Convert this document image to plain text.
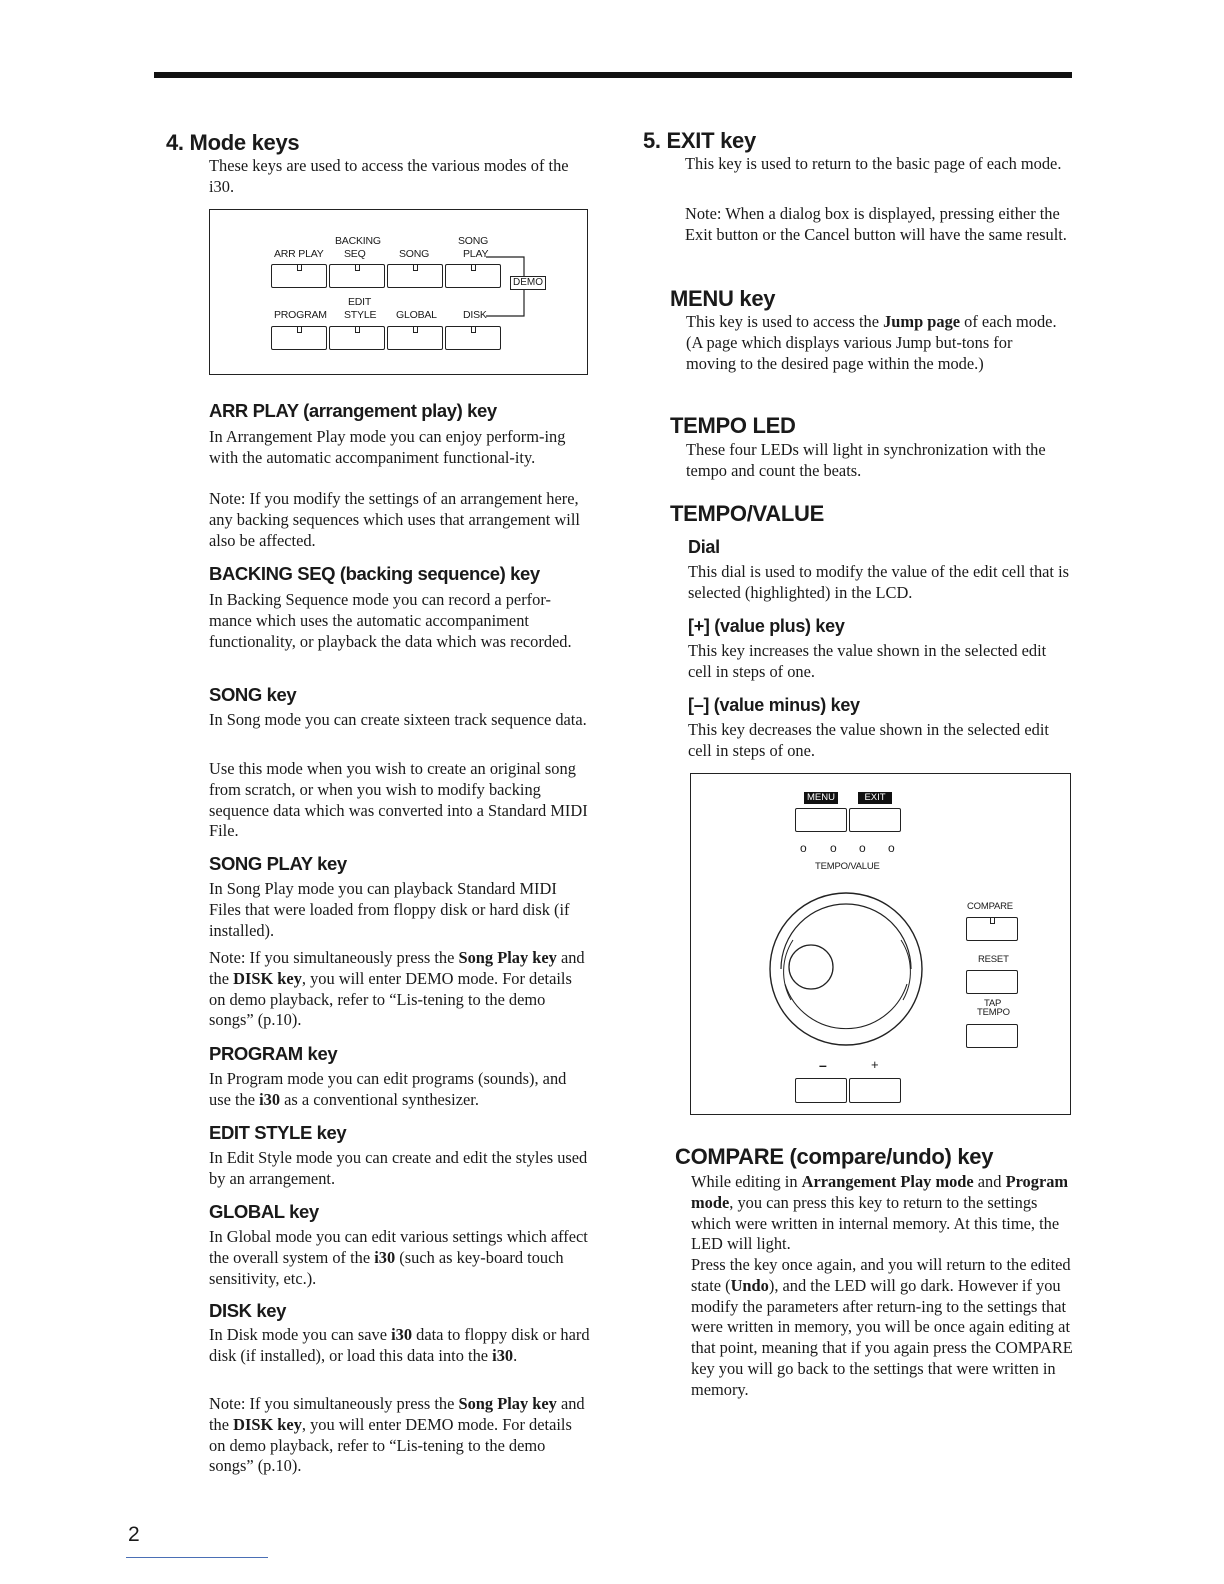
4. Mode keys
These keys are used to access the various modes of the i30.
BACKING	SONG
ARR PLAY SEQ	SONG	PLAY
DEMO
EDIT
PROGRAM STYLE GLOBAL DISK
ARR PLAY (arrangement play) key
In Arrangement Play mode you can enjoy perform-ing with the automatic accompaniment functional-ity.
Note: If you modify the settings of an arrangement here, any backing sequences which uses that arrangement will also be affected.
BACKING SEQ (backing sequence) key
In Backing Sequence mode you can record a perfor-mance which uses the automatic accompaniment functionality, or playback the data which was recorded.
SONG key
In Song mode you can create sixteen track sequence data.
Use this mode when you wish to create an original song from scratch, or when you wish to modify backing sequence data which was converted into a Standard MIDI File.
SONG PLAY key
In Song Play mode you can playback Standard MIDI Files that were loaded from floppy disk or hard disk (if installed).
Note: If you simultaneously press the Song Play key and the DISK key, you will enter DEMO mode. For details on demo playback, refer to “Lis-tening to the demo songs” (p.10).
PROGRAM key
In Program mode you can edit programs (sounds), and use the i30 as a conventional synthesizer.
EDIT STYLE key
In Edit Style mode you can create and edit the styles used by an arrangement.
GLOBAL key
In Global mode you can edit various settings which affect the overall system of the i30 (such as key-board touch sensitivity, etc.).
DISK key
In Disk mode you can save i30 data to floppy disk or hard disk (if installed), or load this data into the i30.
Note: If you simultaneously press the Song Play key and the DISK key, you will enter DEMO mode. For details on demo playback, refer to “Lis-tening to the demo songs” (p.10).
5. EXIT key
This key is used to return to the basic page of each mode.
Note: When a dialog box is displayed, pressing either the Exit button or the Cancel button will have the same result.
MENU key
This key is used to access the Jump page of each mode. (A page which displays various Jump but-tons for moving to the desired page within the mode.)
TEMPO LED
These four LEDs will light in synchronization with the tempo and count the beats.
TEMPO/VALUE
Dial
This dial is used to modify the value of the edit cell that is selected (highlighted) in the LCD.
[+] (value plus) key
This key increases the value shown in the selected edit cell in steps of one.
[–] (value minus) key
This key decreases the value shown in the selected edit cell in steps of one.
MENU	EXIT
o o o o
TEMPO/VALUE
COMPARE
RESET
TAP
TEMPO
–	+
COMPARE (compare/undo) key
While editing in Arrangement Play mode and Program mode, you can press this key to return to the settings which were written in internal memory. At this time, the LED will light.
Press the key once again, and you will return to the edited state (Undo), and the LED will go dark. However if you modify the parameters after return-ing to the settings that were written in memory, you will be once again editing at that point, meaning that if you again press the COMPARE key you will go back to the settings that were written in memory.
2
